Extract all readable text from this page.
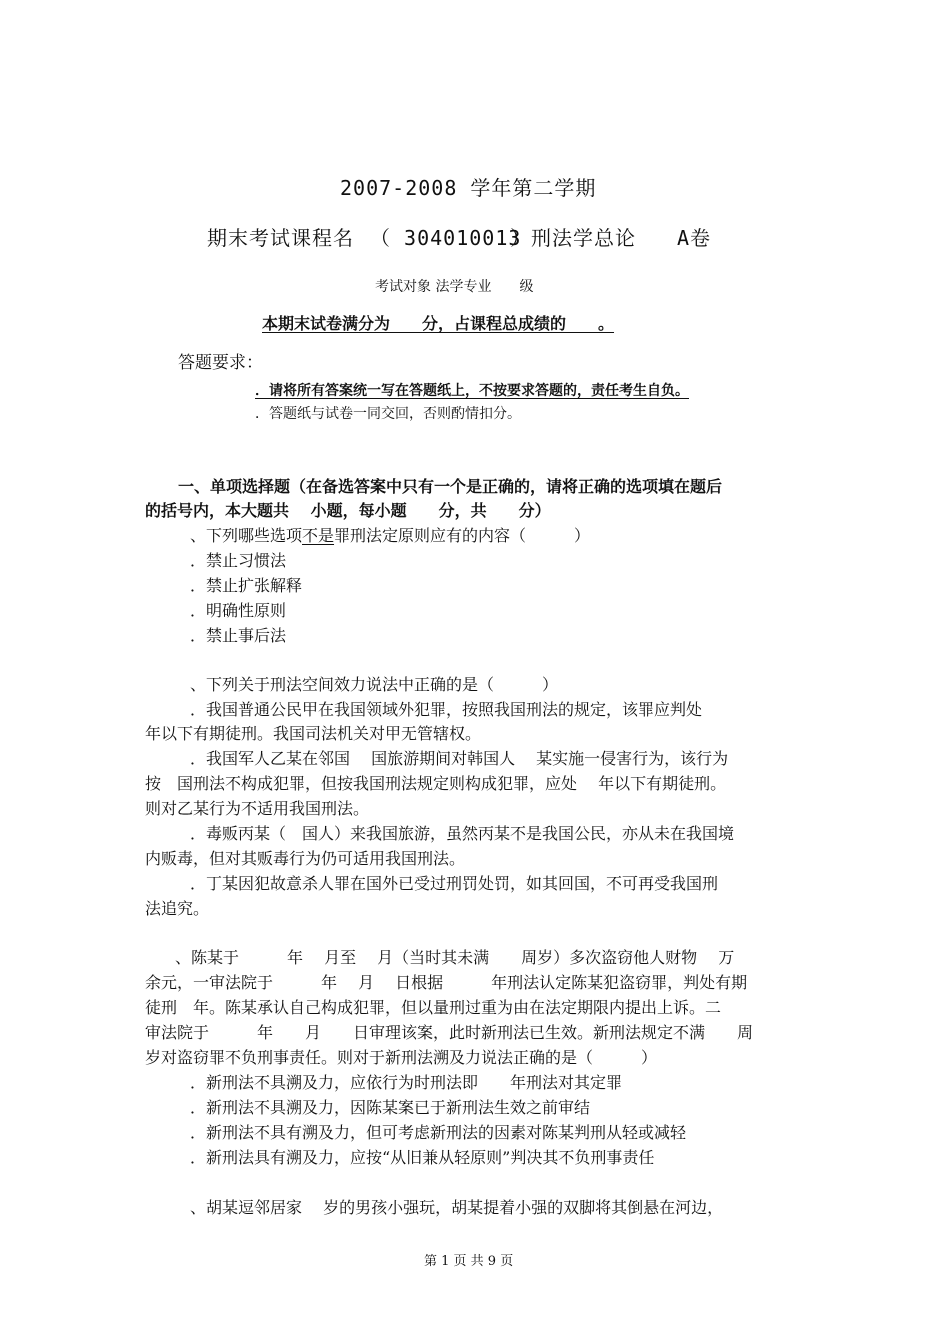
2007-2008 学年第二学期
期末考试课程名 （ 304010013
）刑法学总论 A卷
考试对象 法学专业　　级
本期末试卷满分为　　分，占课程总成绩的　　。
答题要求：
．请将所有答案统一写在答题纸上，不按要求答题的，责任考生自负。
．答题纸与试卷一同交回，否则酌情扣分。
一、单项选择题（在备选答案中只有一个是正确的，请将正确的选项填在题后
的括号内，本大题共　 小题，每小题　　分，共　　分）
、下列哪些选项不是罪刑法定原则应有的内容（　　　）
．禁止习惯法
．禁止扩张解释
．明确性原则
．禁止事后法
、下列关于刑法空间效力说法中正确的是（　　　）
．我国普通公民甲在我国领域外犯罪，按照我国刑法的规定，该罪应判处
年以下有期徒刑。我国司法机关对甲无管辖权。
．我国军人乙某在邻国　 国旅游期间对韩国人　 某实施一侵害行为，该行为
按　国刑法不构成犯罪，但按我国刑法规定则构成犯罪，应处　 年以下有期徒刑。
则对乙某行为不适用我国刑法。
．毒贩丙某（　国人）来我国旅游，虽然丙某不是我国公民，亦从未在我国境
内贩毒，但对其贩毒行为仍可适用我国刑法。
．丁某因犯故意杀人罪在国外已受过刑罚处罚，如其回国，不可再受我国刑
法追究。
、陈某于　　　年　 月至　 月（当时其未满　　周岁）多次盗窃他人财物　 万
余元，一审法院于　　　年　 月　 日根据　　　年刑法认定陈某犯盗窃罪，判处有期
徒刑　年。陈某承认自己构成犯罪，但以量刑过重为由在法定期限内提出上诉。二
审法院于　　　年　　月　　日审理该案，此时新刑法已生效。新刑法规定不满　　周
岁对盗窃罪不负刑事责任。则对于新刑法溯及力说法正确的是（　　　）
．新刑法不具溯及力，应依行为时刑法即　　年刑法对其定罪
．新刑法不具溯及力，因陈某案已于新刑法生效之前审结
．新刑法不具有溯及力，但可考虑新刑法的因素对陈某判刑从轻或减轻
．新刑法具有溯及力，应按“从旧兼从轻原则”判决其不负刑事责任
、胡某逗邻居家　 岁的男孩小强玩，胡某提着小强的双脚将其倒悬在河边，
第 1 页 共 9 页
